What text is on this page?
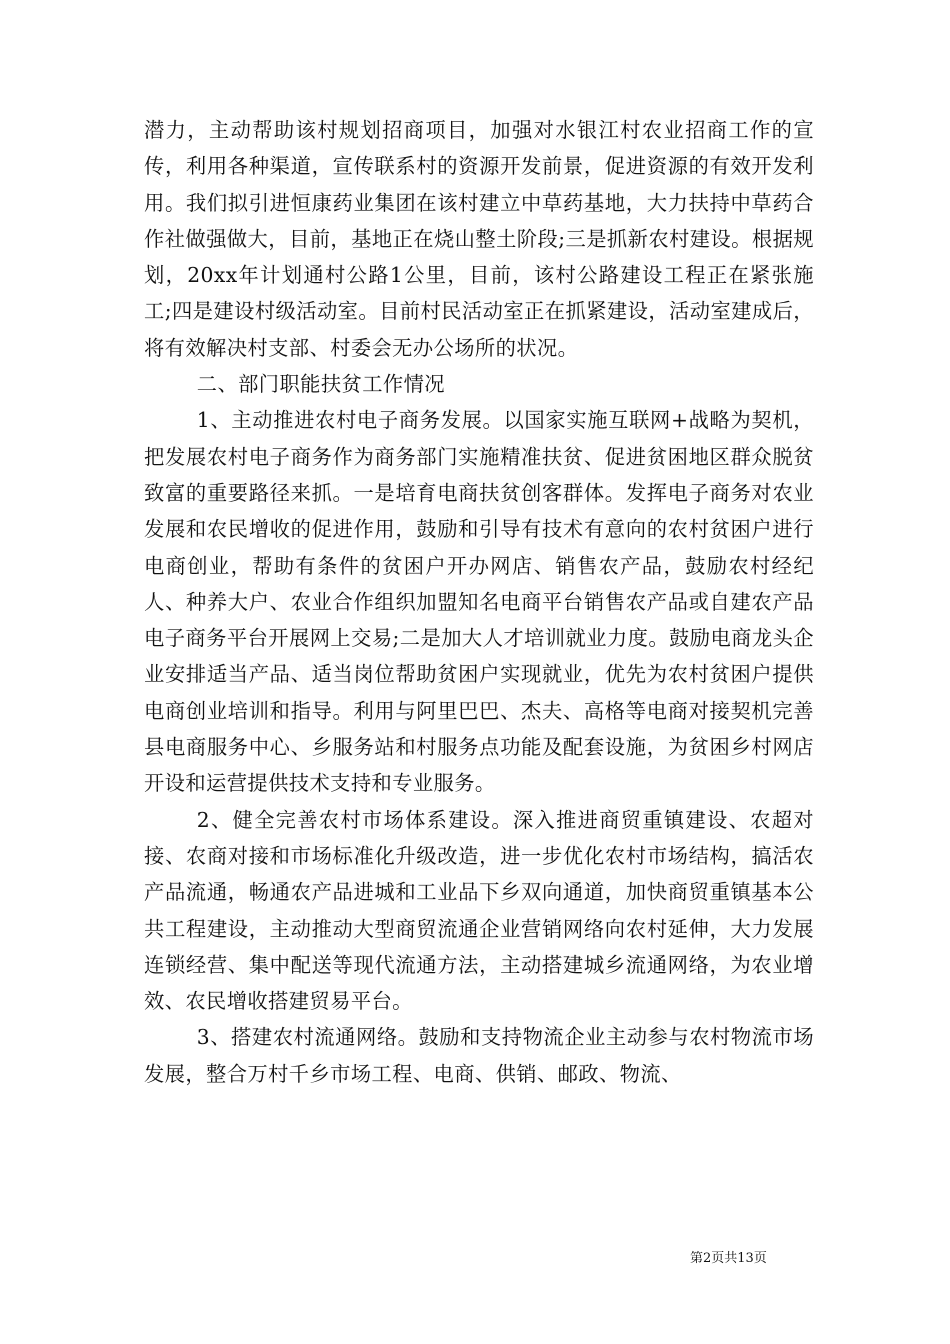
潜力，主动帮助该村规划招商项目，加强对水银江村农业招商工作的宣传，利用各种渠道，宣传联系村的资源开发前景，促进资源的有效开发利用。我们拟引进恒康药业集团在该村建立中草药基地，大力扶持中草药合作社做强做大，目前，基地正在烧山整土阶段;三是抓新农村建设。根据规划，20xx年计划通村公路1公里，目前，该村公路建设工程正在紧张施工;四是建设村级活动室。目前村民活动室正在抓紧建设，活动室建成后，将有效解决村支部、村委会无办公场所的状况。

二、部门职能扶贫工作情况

1、主动推进农村电子商务发展。以国家实施互联网+战略为契机，把发展农村电子商务作为商务部门实施精准扶贫、促进贫困地区群众脱贫致富的重要路径来抓。一是培育电商扶贫创客群体。发挥电子商务对农业发展和农民增收的促进作用，鼓励和引导有技术有意向的农村贫困户进行电商创业，帮助有条件的贫困户开办网店、销售农产品，鼓励农村经纪人、种养大户、农业合作组织加盟知名电商平台销售农产品或自建农产品电子商务平台开展网上交易;二是加大人才培训就业力度。鼓励电商龙头企业安排适当产品、适当岗位帮助贫困户实现就业，优先为农村贫困户提供电商创业培训和指导。利用与阿里巴巴、杰夫、高格等电商对接契机完善县电商服务中心、乡服务站和村服务点功能及配套设施，为贫困乡村网店开设和运营提供技术支持和专业服务。

2、健全完善农村市场体系建设。深入推进商贸重镇建设、农超对接、农商对接和市场标准化升级改造，进一步优化农村市场结构，搞活农产品流通，畅通农产品进城和工业品下乡双向通道，加快商贸重镇基本公共工程建设，主动推动大型商贸流通企业营销网络向农村延伸，大力发展连锁经营、集中配送等现代流通方法，主动搭建城乡流通网络，为农业增效、农民增收搭建贸易平台。

3、搭建农村流通网络。鼓励和支持物流企业主动参与农村物流市场发展，整合万村千乡市场工程、电商、供销、邮政、物流、

第2页共13页
